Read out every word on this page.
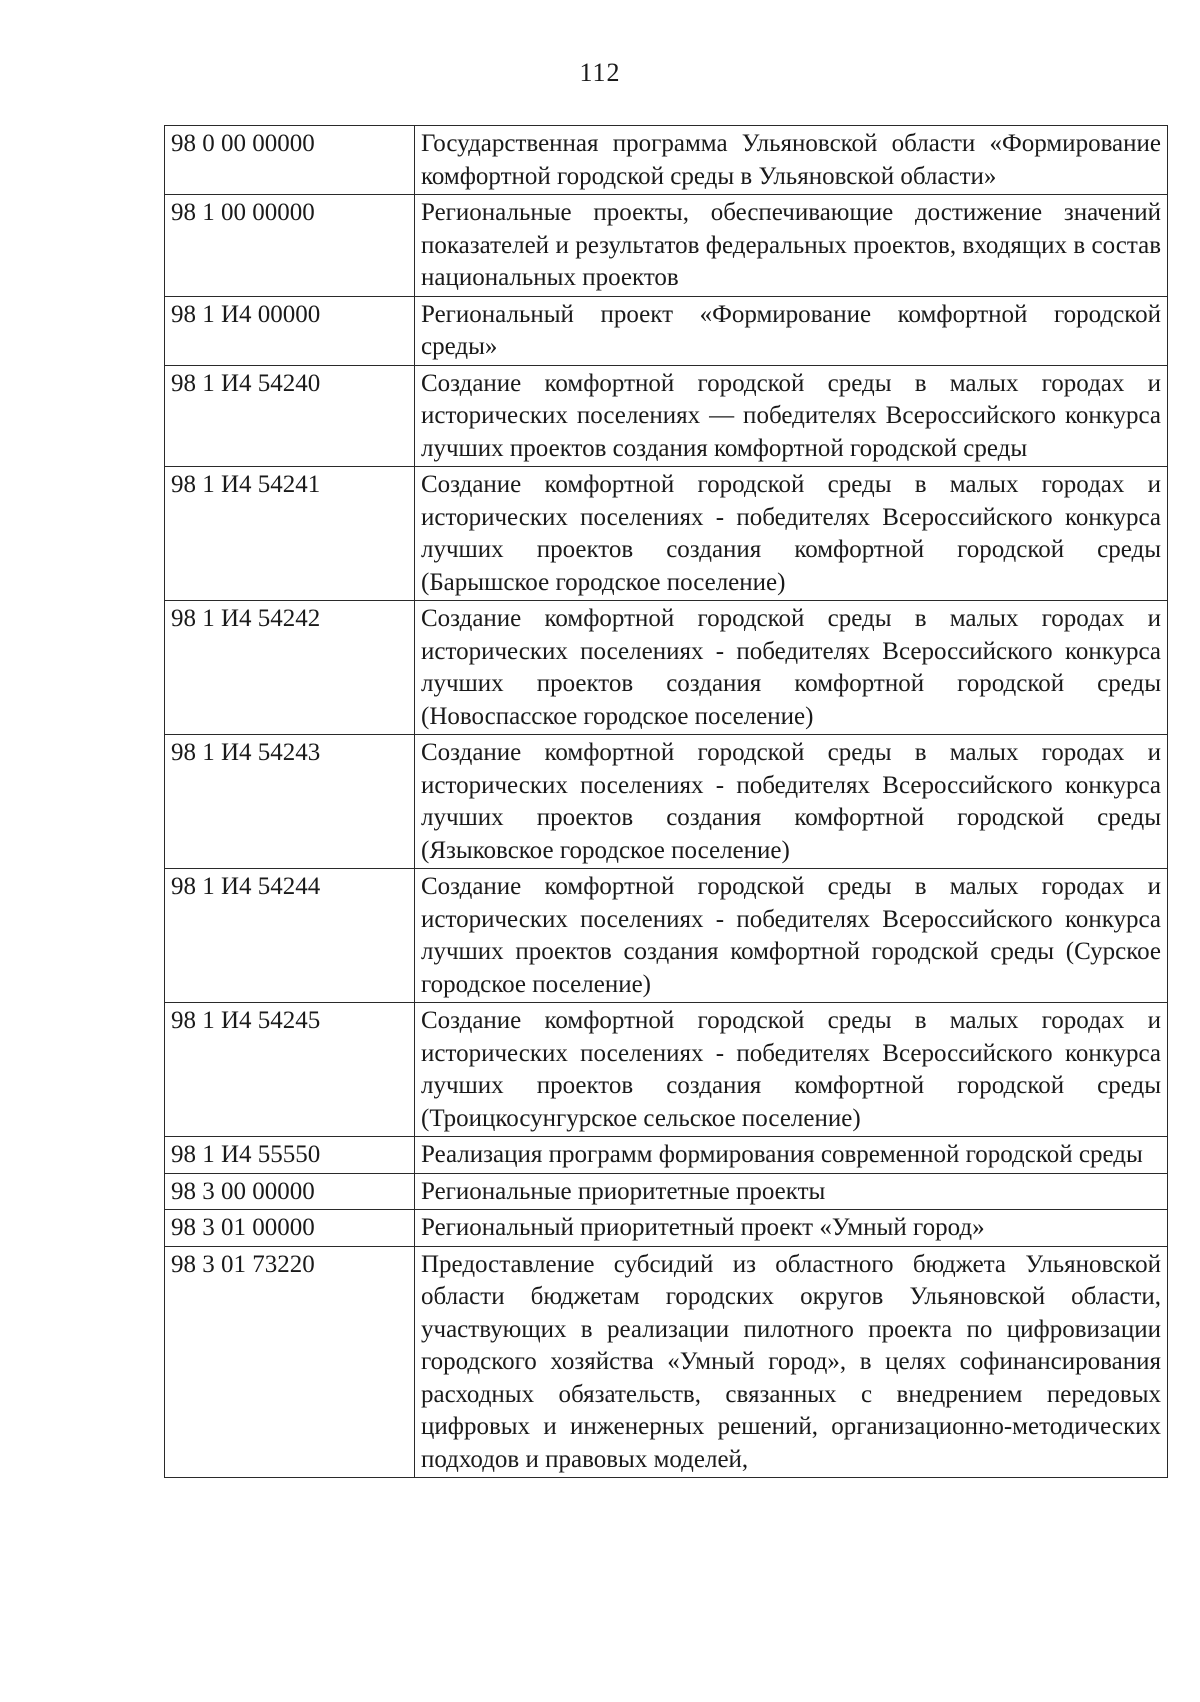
112
98 0 00 00000	Государственная программа Ульяновской области «Формирование комфортной городской среды в Ульяновской области»
98 1 00 00000	Региональные проекты, обеспечивающие достижение значений показателей и результатов федеральных проектов, входящих в состав национальных проектов
98 1 И4 00000	Региональный проект «Формирование комфортной городской среды»
98 1 И4 54240	Создание комфортной городской среды в малых городах и исторических поселениях — победителях Всероссийского конкурса лучших проектов создания комфортной городской среды
98 1 И4 54241	Создание комфортной городской среды в малых городах и исторических поселениях - победителях Всероссийского конкурса лучших проектов создания комфортной городской среды (Барышское городское поселение)
98 1 И4 54242	Создание комфортной городской среды в малых городах и исторических поселениях - победителях Всероссийского конкурса лучших проектов создания комфортной городской среды (Новоспасское городское поселение)
98 1 И4 54243	Создание комфортной городской среды в малых городах и исторических поселениях - победителях Всероссийского конкурса лучших проектов создания комфортной городской среды (Языковское городское поселение)
98 1 И4 54244	Создание комфортной городской среды в малых городах и исторических поселениях - победителях Всероссийского конкурса лучших проектов создания комфортной городской среды (Сурское городское поселение)
98 1 И4 54245	Создание комфортной городской среды в малых городах и исторических поселениях - победителях Всероссийского конкурса лучших проектов создания комфортной городской среды (Троицкосунгурское сельское поселение)
98 1 И4 55550	Реализация программ формирования современной городской среды
98 3 00 00000	Региональные приоритетные проекты
98 3 01 00000	Региональный приоритетный проект «Умный город»
98 3 01 73220	Предоставление субсидий из областного бюджета Ульяновской области бюджетам городских округов Ульяновской области, участвующих в реализации пилотного проекта по цифровизации городского хозяйства «Умный город», в целях софинансирования расходных обязательств, связанных с внедрением передовых цифровых и инженерных решений, организационно-методических подходов и правовых моделей,
